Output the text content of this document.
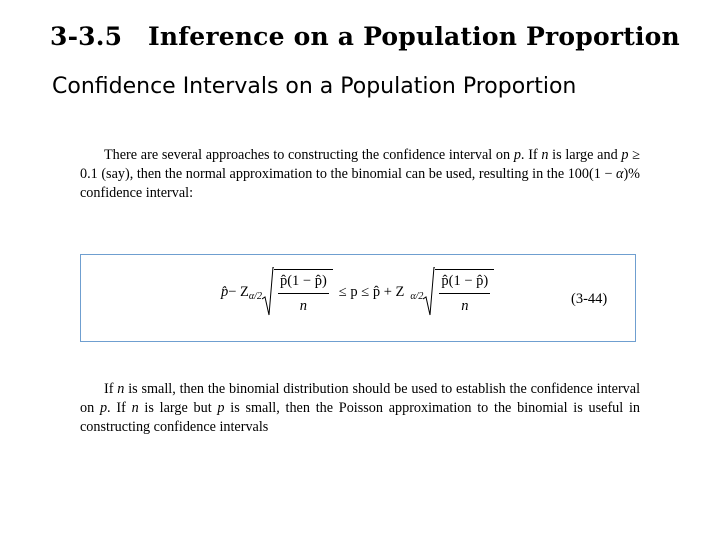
3-3.5 Inference on a Population Proportion
Confidence Intervals on a Population Proportion

There are several approaches to constructing the confidence interval on p. If n is large and p ≥ 0.1 (say), then the normal approximation to the binomial can be used, resulting in the 100(1 − α)% confidence interval:

p̂ − Z $\alpha/2 \frac{p̂(1 - p̂)}{n} \le p$ ≤ p̂ + Z $\alpha/2 \frac{p̂(1 - p̂)}{n}$	(3-44)

If n is small, then the binomial distribution should be used to establish the confidence interval on p. If n is large but p is small, then the Poisson approximation to the binomial is useful in constructing confidence intervals
